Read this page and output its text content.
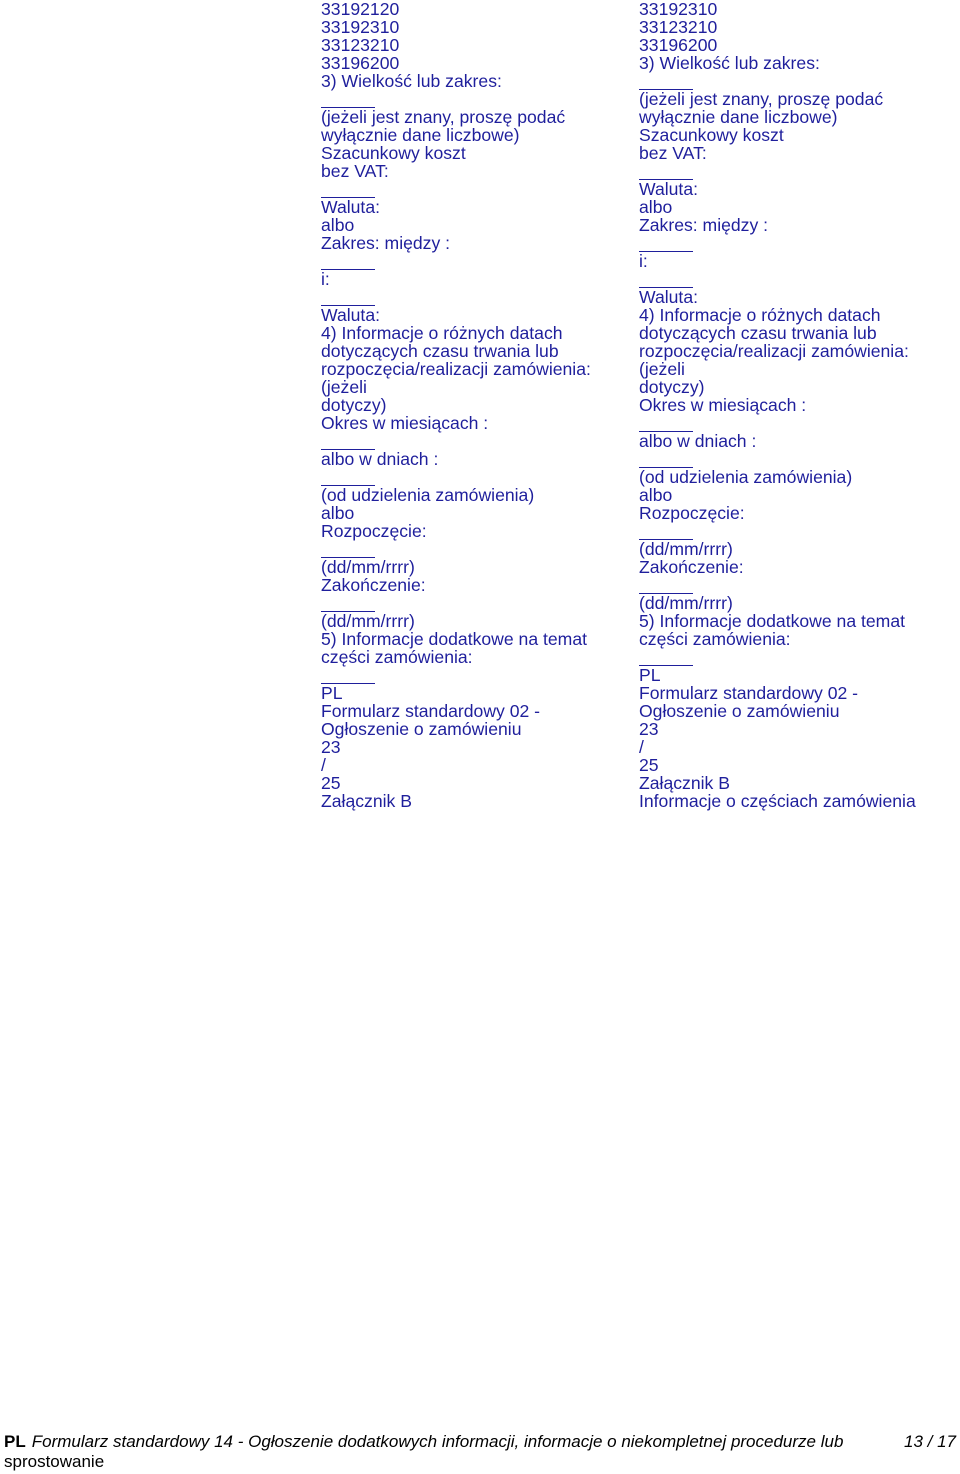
33192120
33192310
33123210
33196200
3) Wielkość lub zakres:
(jeżeli jest znany, proszę podać
wyłącznie dane liczbowe)
Szacunkowy koszt
bez VAT:
Waluta:
albo
Zakres: między :
i:
Waluta:
4) Informacje o różnych datach
dotyczących czasu trwania lub
rozpoczęcia/realizacji zamówienia:
(jeżeli
dotyczy)
Okres w miesiącach :
albo w dniach :
(od udzielenia zamówienia)
albo
Rozpoczęcie:
(dd/mm/rrrr)
Zakończenie:
(dd/mm/rrrr)
5) Informacje dodatkowe na temat
części zamówienia:
PL
Formularz standardowy 02 -
Ogłoszenie o zamówieniu
23
/
25
Załącznik B
33192310
33123210
33196200
3) Wielkość lub zakres:
(jeżeli jest znany, proszę podać
wyłącznie dane liczbowe)
Szacunkowy koszt
bez VAT:
Waluta:
albo
Zakres: między :
i:
Waluta:
4) Informacje o różnych datach
dotyczących czasu trwania lub
rozpoczęcia/realizacji zamówienia:
(jeżeli
dotyczy)
Okres w miesiącach :
albo w dniach :
(od udzielenia zamówienia)
albo
Rozpoczęcie:
(dd/mm/rrrr)
Zakończenie:
(dd/mm/rrrr)
5) Informacje dodatkowe na temat
części zamówienia:
PL
Formularz standardowy 02 -
Ogłoszenie o zamówieniu
23
/
25
Załącznik B
Informacje o częściach zamówienia
PL Formularz standardowy 14 - Ogłoszenie dodatkowych informacji, informacje o niekompletnej procedurze lub
sprostowanie
13 / 17
